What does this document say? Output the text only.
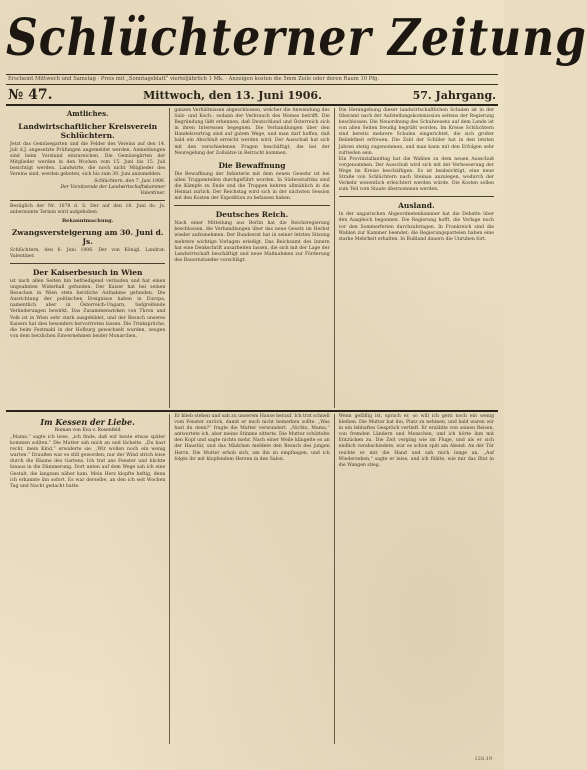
Schlüchterner Zeitung
Erscheint Mittwoch und Samstag · Preis mit „Sonntagsblatt“ vierteljährlich 1 Mk. · Anzeigen kosten die 5mm Zeile oder deren Raum 10 Pfg.
№ 47.	Mittwoch, den 13. Juni 1906.	57. Jahrgang.
Amtliches.
Landwirtschaftlicher Kreisverein Schlüchtern.

Jetzt das Gemüsegarten und die Felder des Vereins auf den 14. Juli d.J. angesetzte Prüfungen angemeldet werden. Anmeldungen sind beim Vorstand einzureichen. Die Gemüsegärten der Mitglieder werden in den Wochen vom 15. Juni bis 15. Juli besichtigt werden. Landwirte, die noch nicht Mitglieder des Vereins sind, werden gebeten, sich bis zum 30. Juni anzumelden.

Schlüchtern, den 7. Juni 1906.
Der Vorsitzende der Landwirtschaftskammer
Valentiner.

Bezüglich der Nr. 1078 d. S. Der auf den 16. Juni ds. Js. anberaumte Termin wird aufgehoben.

Bekanntmachung.
Zwangsversteigerung am 30. Juni d. Js.

Schlüchtern, den 6. Juni 1906. Der von Königl. Landrat: Valentiner.

Der Kaiserbesuch in Wien

ist nach allen Seiten hin befriedigend verlaufen und hat einen ungeahnten Widerhall gefunden. Der Kaiser hat bei seinen Besuchen in Wien stets herzliche Aufnahme gefunden. Die Ausrichtung der politischen Ereignisse haben in Europa, namentlich aber in Österreich-Ungarn, tiefgreifende Veränderungen bewirkt. Das Zusammenwirken von Thron und Volk ist in Wien sehr stark ausgebildet, und der Besuch unseres Kaisers hat dies besonders hervortreten lassen. Die Trinksprüche, die beim Festmahl in der Hofburg gewechselt wurden, zeugen von dem herzlichen Einvernehmen beider Monarchen.

ganzen Verhältnissen abgeschlossen, welcher die Anwendung des Salz- und Koch-, sodann der Verbrauch des Weines betrifft. Die Begründung läßt erkennen, daß Deutschland und Österreich sich in ihren Interessen begegnen. Die Verhandlungen über den Handelsvertrag sind auf gutem Wege, und man darf hoffen, daß bald ein Abschluß erreicht werden wird. Der Ausschuß hat sich mit den verschiedenen Fragen beschäftigt, die bei der Neuregelung der Zollsätze in Betracht kommen.

Die Bewaffnung

Die Bewaffnung der Infanterie mit dem neuen Gewehr ist bei allen Truppenteilen durchgeführt worden. In Südwestafrika sind die Kämpfe zu Ende und die Truppen kehren allmählich in die Heimat zurück. Der Reichstag wird sich in der nächsten Session mit den Kosten der Expedition zu befassen haben.

Deutsches Reich.

Nach einer Mitteilung aus Berlin hat die Reichsregierung beschlossen, die Verhandlungen über das neue Gesetz im Herbst wieder aufzunehmen. Der Bundesrat hat in seiner letzten Sitzung mehrere wichtige Vorlagen erledigt. Das Reichsamt des Innern hat eine Denkschrift ausarbeiten lassen, die sich mit der Lage der Landwirtschaft beschäftigt und neue Maßnahmen zur Förderung des Bauernstandes vorschlägt.

Die Herangehung dieser landwirtschaftlichen Schulen ist in der Oberamt nach der Aufstellungskommission seitens der Regierung beschlossen. Die Neuordnung des Schulwesens auf dem Lande ist von allen Seiten freudig begrüßt worden. Im Kreise Schlüchtern sind bereits mehrere Schulen eingerichtet, die sich großer Beliebtheit erfreuen. Die Zahl der Schüler hat in den letzten Jahren stetig zugenommen, und man kann mit den Erfolgen sehr zufrieden sein.

Ein Provinziallandtag hat die Wahlen zu dem neuen Ausschuß vorgenommen. Der Ausschuß wird sich mit der Verbesserung der Wege im Kreise beschäftigen. Es ist beabsichtigt, eine neue Straße von Schlüchtern nach Steinau anzulegen, wodurch der Verkehr wesentlich erleichtert werden würde. Die Kosten sollen zum Teil vom Staate übernommen werden.

Ausland.

In der ungarischen Abgeordnetenkammer hat die Debatte über den Ausgleich begonnen. Die Regierung hofft, die Vorlage noch vor den Sommerferien durchzubringen. In Frankreich sind die Wahlen zur Kammer beendet; die Regierungsparteien haben eine starke Mehrheit erhalten. In Rußland dauern die Unruhen fort.

Im Kessen der Liebe.
Roman von Eva v. Rosenfeld

„Mama,“ sagte ich leise, „ich finde, daß wir heute etwas später kommen sollten.“ Die Mutter sah mich an und lächelte. „Du hast recht, mein Kind,“ erwiderte sie. „Wir wollen noch ein wenig warten.“ Draußen war es still geworden; nur der Wind strich leise durch die Bäume des Gartens. Ich trat ans Fenster und blickte hinaus in die Dämmerung. Dort unten auf dem Wege sah ich eine Gestalt, die langsam näher kam. Mein Herz klopfte heftig, denn ich erkannte ihn sofort. Es war derselbe, an den ich seit Wochen Tag und Nacht gedacht hatte.

Er blieb stehen und sah zu unserem Hause herauf. Ich trat schnell vom Fenster zurück, damit er mich nicht bemerken sollte. „Was hast du denn?“ fragte die Mutter verwundert. „Nichts, Mama,“ antwortete ich, aber meine Stimme zitterte. Die Mutter schüttelte den Kopf und sagte nichts mehr. Nach einer Weile klingelte es an der Haustür, und das Mädchen meldete den Besuch des jungen Herrn. Die Mutter erhob sich, um ihn zu empfangen, und ich folgte ihr mit klopfendem Herzen in den Salon.

Wenn gefällig ist, sprach er, so will ich gern noch ein wenig bleiben. Die Mutter bat ihn, Platz zu nehmen, und bald waren wir in ein lebhaftes Gespräch vertieft. Er erzählte von seinen Reisen, von fremden Ländern und Menschen, und ich hörte ihm mit Entzücken zu. Die Zeit verging wie im Fluge, und als er sich endlich verabschiedete, war es schon spät am Abend. An der Tür reichte er mir die Hand und sah mich lange an. „Auf Wiedersehen,“ sagte er leise, und ich fühlte, wie mir das Blut in die Wangen stieg.

128.19
